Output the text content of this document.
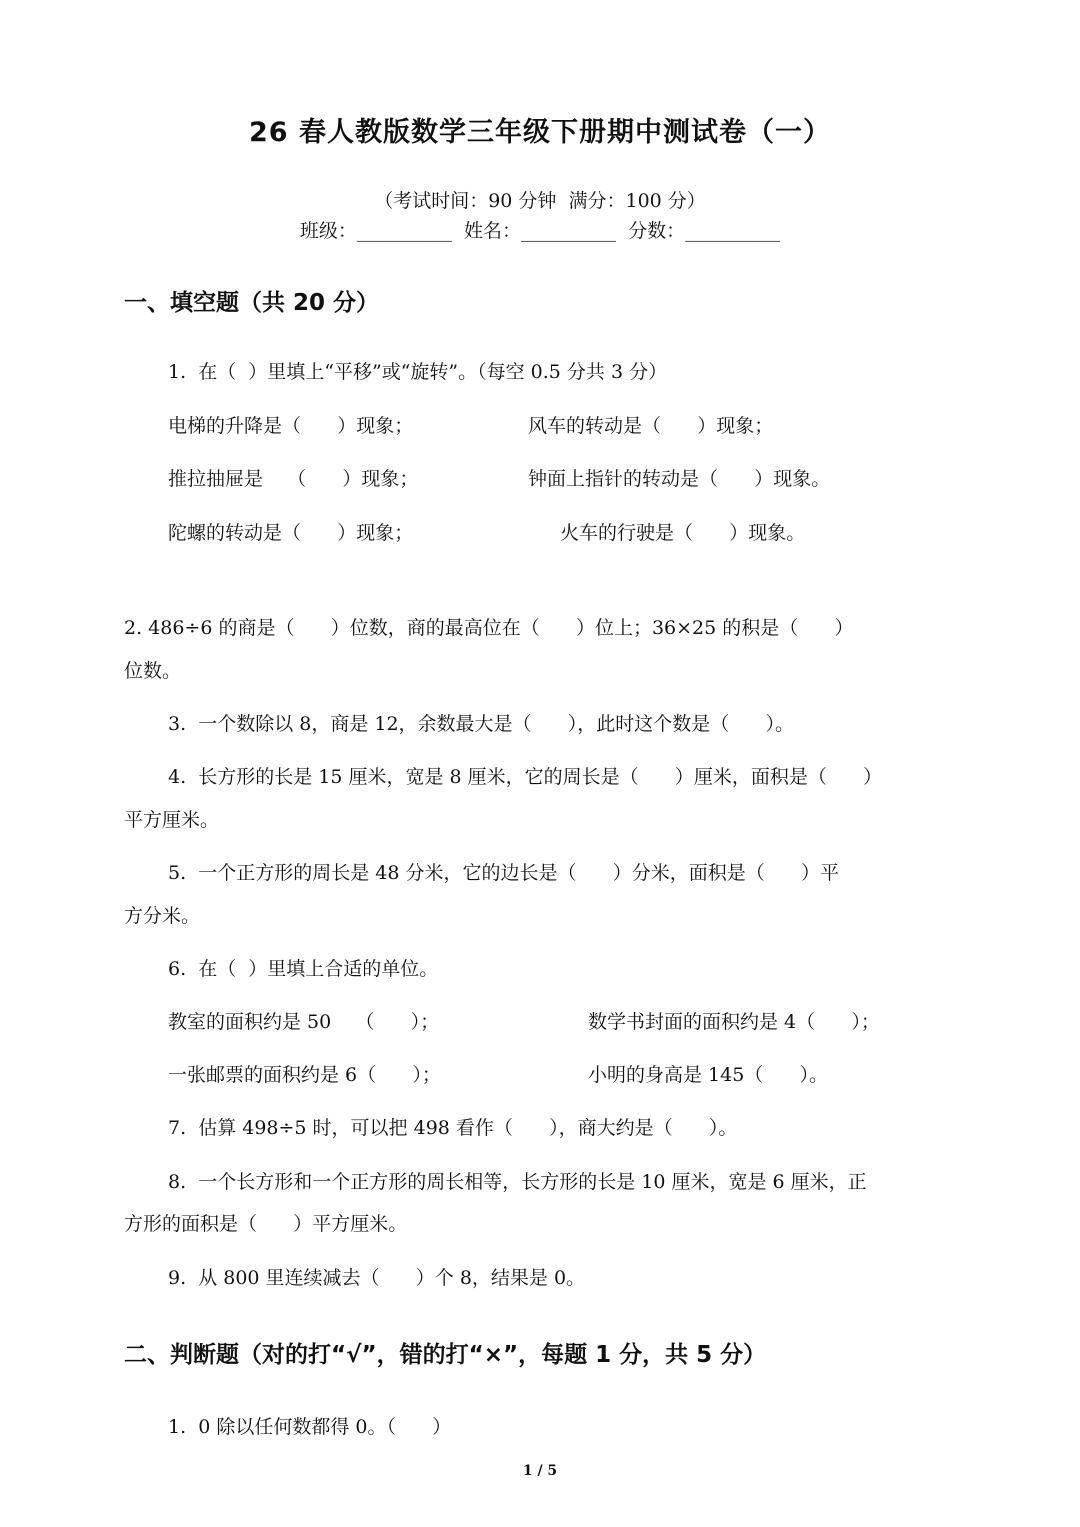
26 春人教版数学三年级下册期中测试卷（一）
（考试时间：90 分钟  满分：100 分）
班级：__________  姓名：__________  分数：__________
一、填空题（共 20 分）
1.  在（  ）里填上“平移”或“旋转”。（每空 0.5 分共 3 分）
电梯的升降是（      ）现象；	风车的转动是（      ）现象；
推拉抽屉是    （      ）现象；	钟面上指针的转动是（      ）现象。
陀螺的转动是（      ）现象；	火车的行驶是（      ）现象。
2. 486÷6 的商是（      ）位数，商的最高位在（      ）位上；36×25 的积是（      ）
位数。
3.  一个数除以 8，商是 12，余数最大是（      ），此时这个数是（      ）。
4.  长方形的长是 15 厘米，宽是 8 厘米，它的周长是（      ）厘米，面积是（      ）
平方厘米。
5.  一个正方形的周长是 48 分米，它的边长是（      ）分米，面积是（      ）平
方分米。
6.  在（  ）里填上合适的单位。
教室的面积约是 50    （      ）；	数学书封面的面积约是 4（      ）；
一张邮票的面积约是 6（      ）；	小明的身高是 145（      ）。
7.  估算 498÷5 时，可以把 498 看作（      ），商大约是（      ）。
8.  一个长方形和一个正方形的周长相等，长方形的长是 10 厘米，宽是 6 厘米，正
方形的面积是（      ）平方厘米。
9.  从 800 里连续减去（      ）个 8，结果是 0。
二、判断题（对的打“√”，错的打“×”，每题 1 分，共 5 分）
1.  0 除以任何数都得 0。（      ）
1 / 5
